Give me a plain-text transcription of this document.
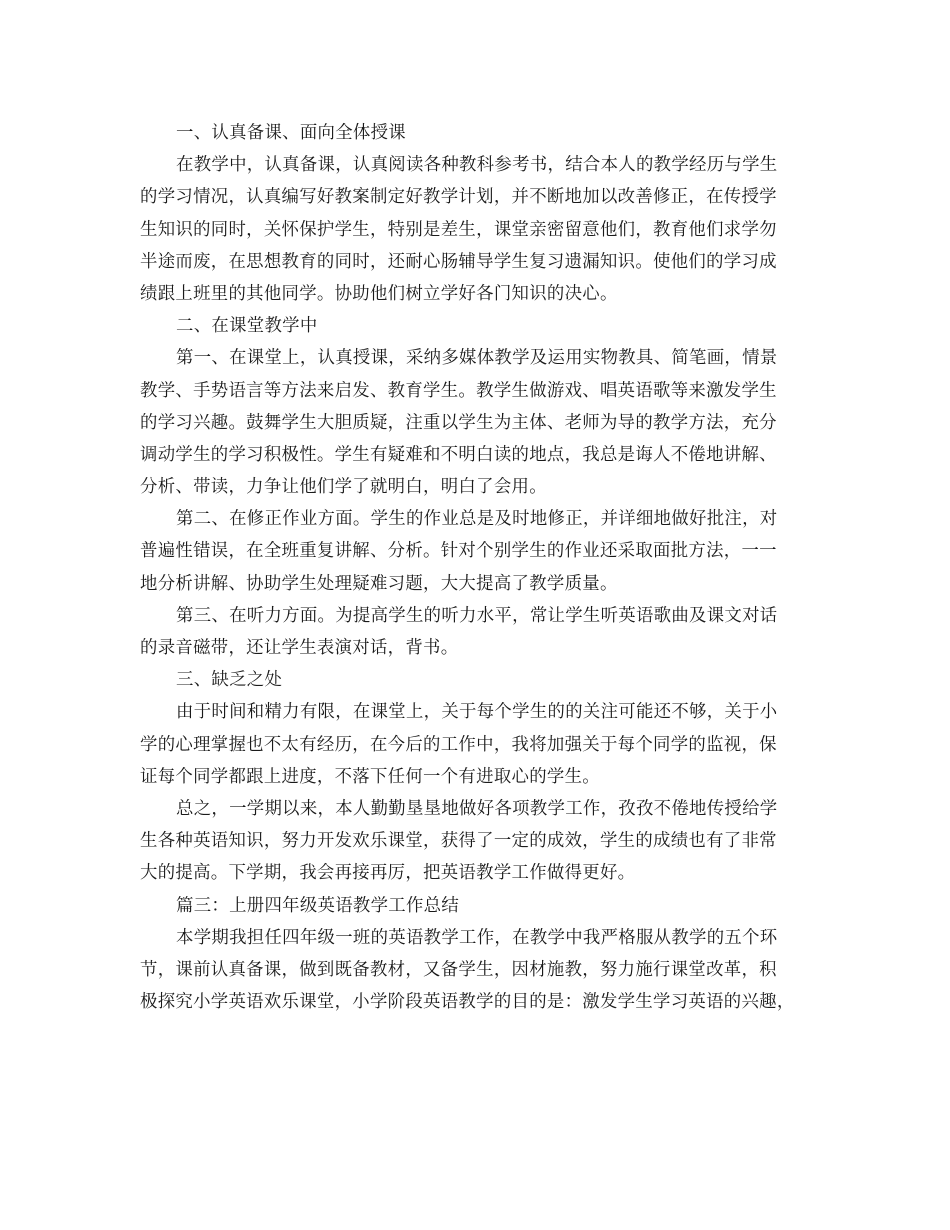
一、认真备课、面向全体授课
在教学中，认真备课，认真阅读各种教科参考书，结合本人的教学经历与学生
的学习情况，认真编写好教案制定好教学计划，并不断地加以改善修正，在传授学
生知识的同时，关怀保护学生，特别是差生，课堂亲密留意他们，教育他们求学勿
半途而废，在思想教育的同时，还耐心肠辅导学生复习遗漏知识。使他们的学习成
绩跟上班里的其他同学。协助他们树立学好各门知识的决心。
二、在课堂教学中
第一、在课堂上，认真授课，采纳多媒体教学及运用实物教具、简笔画，情景
教学、手势语言等方法来启发、教育学生。教学生做游戏、唱英语歌等来激发学生
的学习兴趣。鼓舞学生大胆质疑，注重以学生为主体、老师为导的教学方法，充分
调动学生的学习积极性。学生有疑难和不明白读的地点，我总是诲人不倦地讲解、
分析、带读，力争让他们学了就明白，明白了会用。
第二、在修正作业方面。学生的作业总是及时地修正，并详细地做好批注，对
普遍性错误，在全班重复讲解、分析。针对个别学生的作业还采取面批方法，一一
地分析讲解、协助学生处理疑难习题，大大提高了教学质量。
第三、在听力方面。为提高学生的听力水平，常让学生听英语歌曲及课文对话
的录音磁带，还让学生表演对话，背书。
三、缺乏之处
由于时间和精力有限，在课堂上，关于每个学生的的关注可能还不够，关于小
学的心理掌握也不太有经历，在今后的工作中，我将加强关于每个同学的监视，保
证每个同学都跟上进度，不落下任何一个有进取心的学生。
总之，一学期以来，本人勤勤垦垦地做好各项教学工作，孜孜不倦地传授给学
生各种英语知识，努力开发欢乐课堂，获得了一定的成效，学生的成绩也有了非常
大的提高。下学期，我会再接再厉，把英语教学工作做得更好。
篇三：上册四年级英语教学工作总结
本学期我担任四年级一班的英语教学工作，在教学中我严格服从教学的五个环
节，课前认真备课，做到既备教材，又备学生，因材施教，努力施行课堂改革，积
极探究小学英语欢乐课堂，小学阶段英语教学的目的是：激发学生学习英语的兴趣，
